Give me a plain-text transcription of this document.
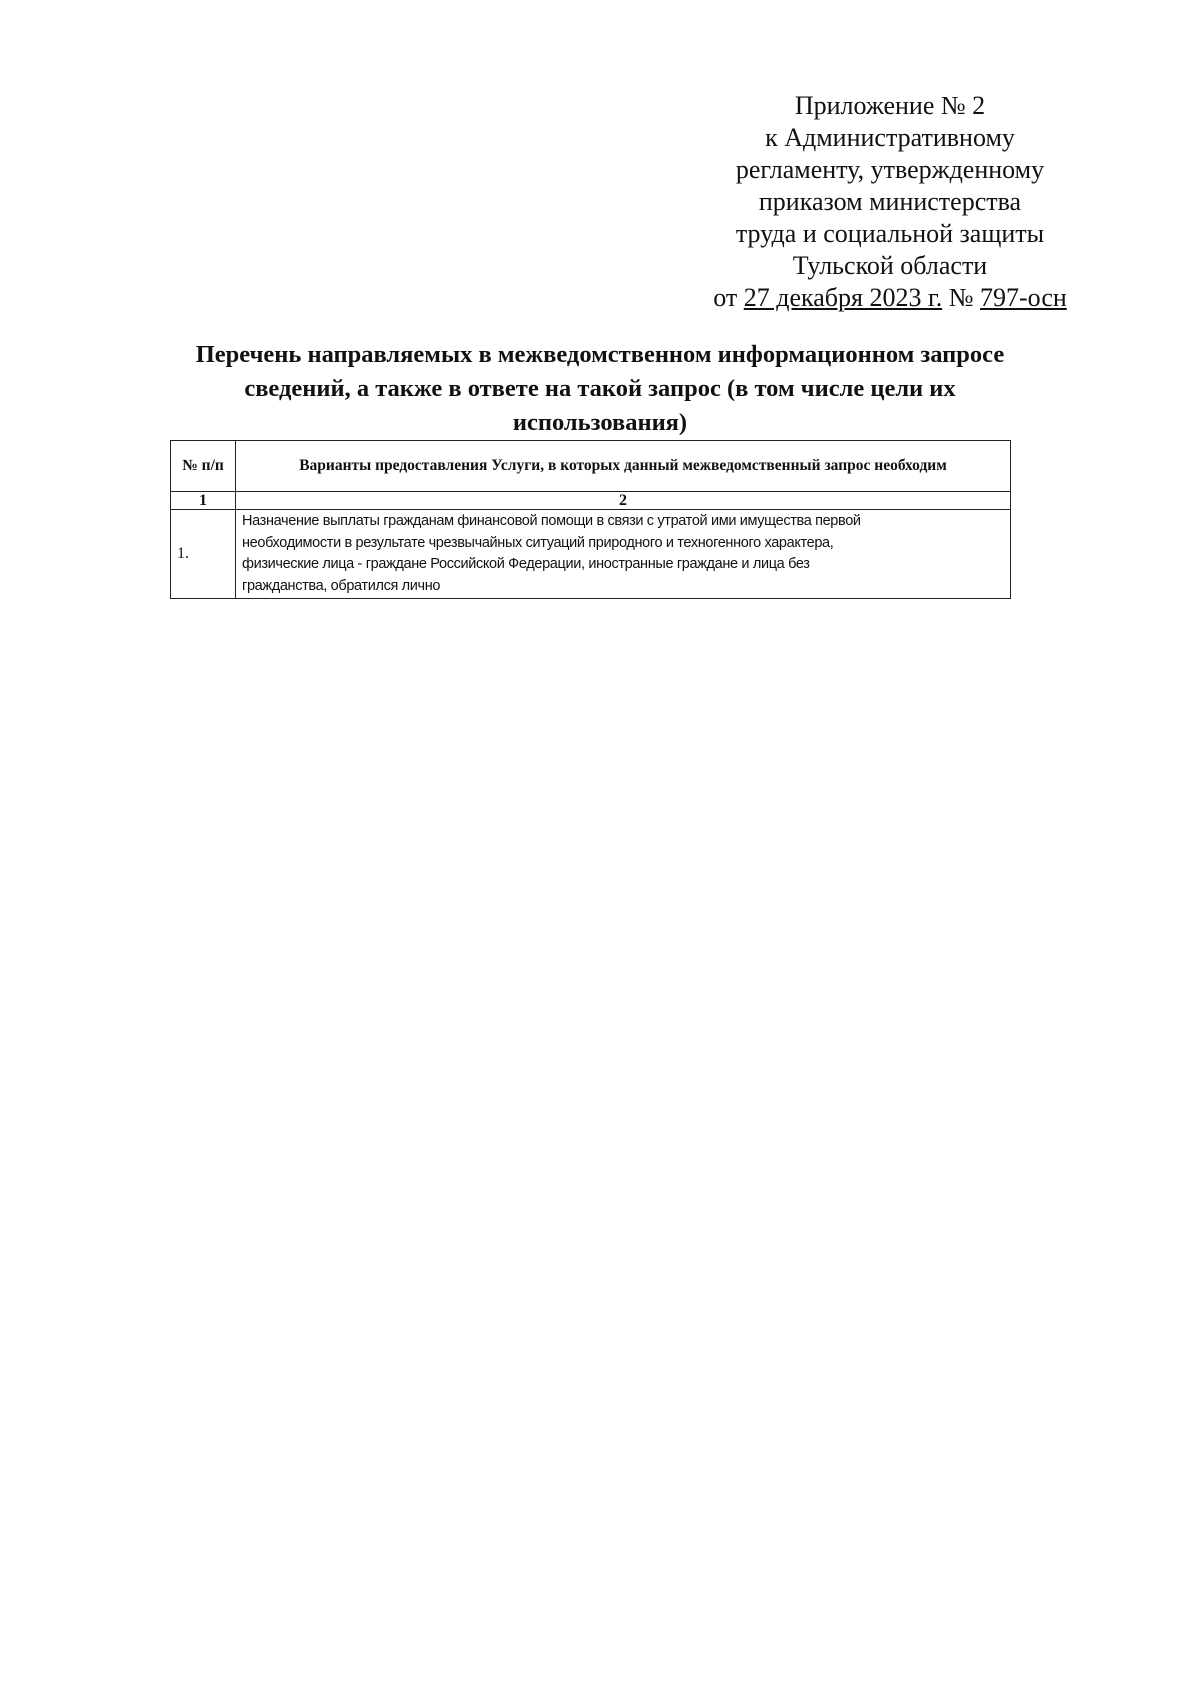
Приложение № 2
к Административному
регламенту, утвержденному
приказом министерства
труда и социальной защиты
Тульской области
от 27 декабря 2023 г. № 797-осн
Перечень направляемых в межведомственном информационном запросе
сведений, а также в ответе на такой запрос (в том числе цели их
использования)
№ п/п	Варианты предоставления Услуги, в которых данный межведомственный запрос необходим
1	2
1.	Назначение выплаты гражданам финансовой помощи в связи с утратой ими имущества первой
необходимости в результате чрезвычайных ситуаций природного и техногенного характера,
физические лица - граждане Российской Федерации, иностранные граждане и лица без
гражданства, обратился лично
